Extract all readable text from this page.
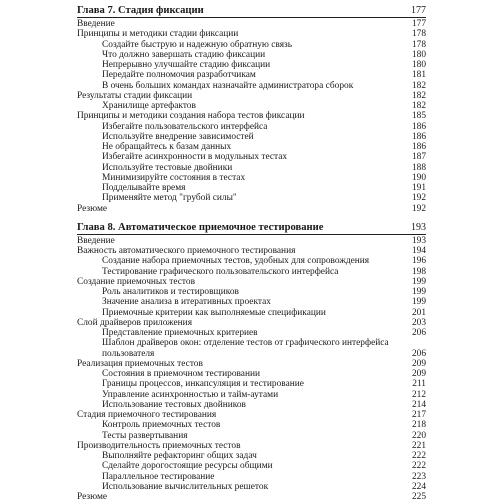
Глава 7. Стадия фиксации	177
Введение	177
Принципы и методики стадии фиксации	178
Создайте быструю и надежную обратную связь	178
Что должно завершать стадию фиксации	180
Непрерывно улучшайте стадию фиксации	180
Передайте полномочия разработчикам	181
В очень больших командах назначайте администратора сборок	182
Результаты стадии фиксации	182
Хранилище артефактов	182
Принципы и методики создания набора тестов фиксации	185
Избегайте пользовательского интерфейса	186
Используйте внедрение зависимостей	186
Не обращайтесь к базам данных	186
Избегайте асинхронности в модульных тестах	187
Используйте тестовые двойники	188
Минимизируйте состояния в тестах	190
Подделывайте время	191
Применяйте метод "грубой силы"	192
Резюме	192
Глава 8. Автоматическое приемочное тестирование	193
Введение	193
Важность автоматического приемочного тестирования	194
Создание набора приемочных тестов, удобных для сопровождения	196
Тестирование графического пользовательского интерфейса	198
Создание приемочных тестов	199
Роль аналитиков и тестировщиков	199
Значение анализа в итеративных проектах	199
Приемочные критерии как выполняемые спецификации	201
Слой драйверов приложения	203
Представление приемочных критериев	206
Шаблон драйверов окон: отделение тестов от графического интерфейса пользователя	206
Реализация приемочных тестов	209
Состояния в приемочном тестировании	209
Границы процессов, инкапсуляция и тестирование	211
Управление асинхронностью и тайм-аутами	212
Использование тестовых двойников	214
Стадия приемочного тестирования	217
Контроль приемочных тестов	218
Тесты развертывания	220
Производительность приемочных тестов	221
Выполняйте рефакторинг общих задач	222
Сделайте дорогостоящие ресурсы общими	222
Параллельное тестирование	223
Использование вычислительных решеток	224
Резюме	225
